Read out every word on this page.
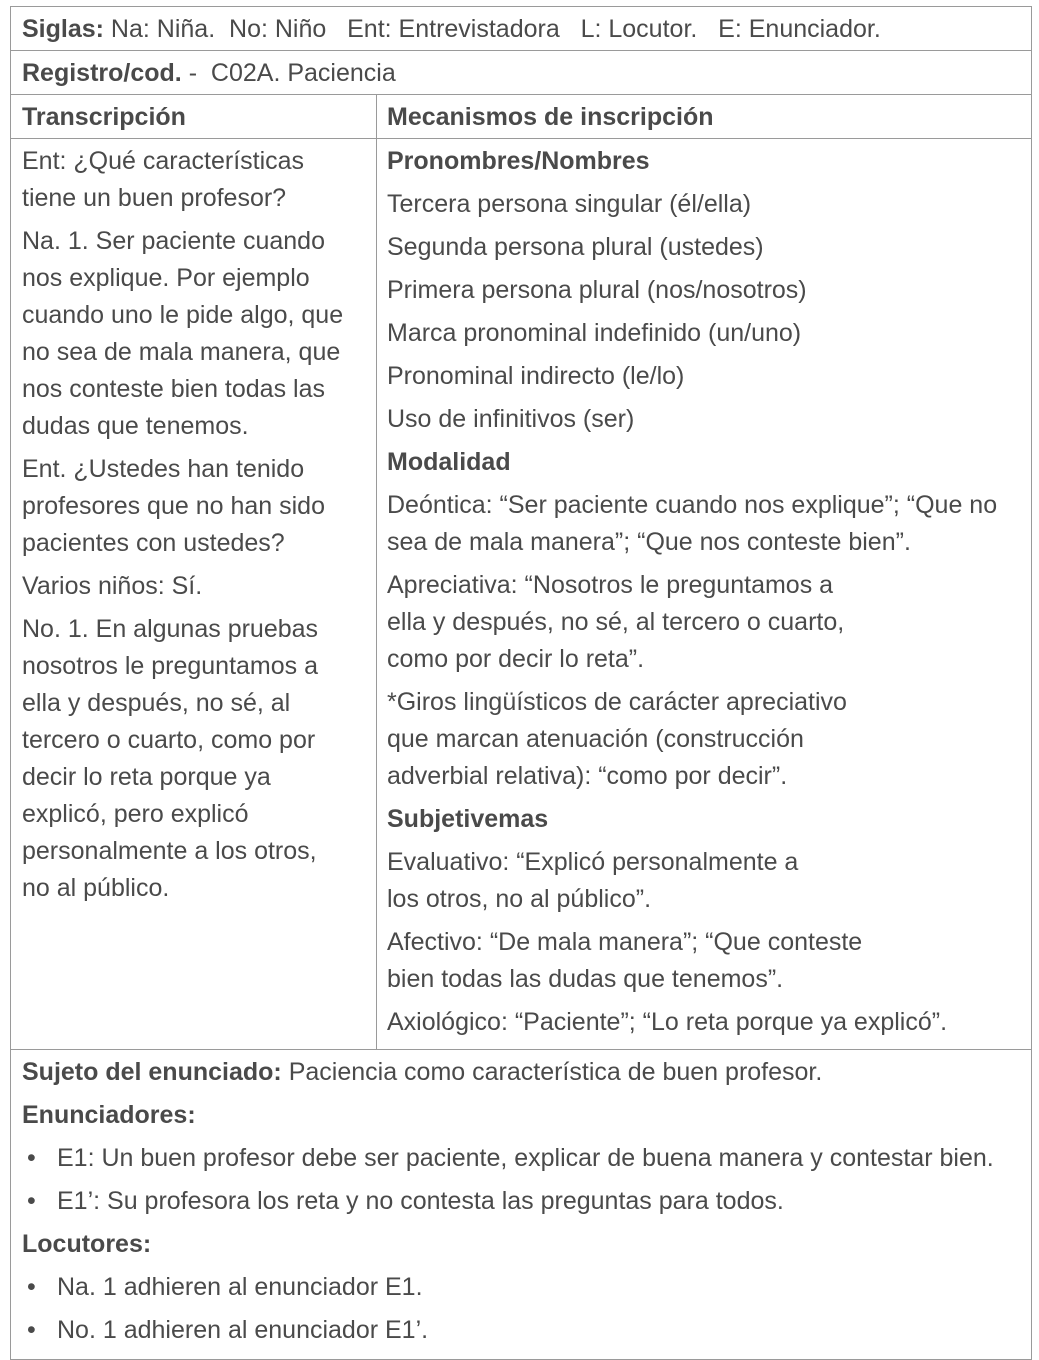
Siglas: Na: Niña.  No: Niño   Ent: Entrevistadora   L: Locutor.   E: Enunciador.
Registro/cod. -  C02A. Paciencia
Transcripción	Mecanismos de inscripción

Ent: ¿Qué características tiene un buen profesor?

Na. 1. Ser paciente cuando nos explique. Por ejemplo cuando uno le pide algo, que no sea de mala manera, que nos conteste bien todas las dudas que tenemos.

Ent. ¿Ustedes han tenido profesores que no han sido pacientes con ustedes?

Varios niños: Sí.

No. 1. En algunas pruebas nosotros le preguntamos a ella y después, no sé, al tercero o cuarto, como por decir lo reta porque ya explicó, pero explicó personalmente a los otros, no al público.

Pronombres/Nombres

Tercera persona singular (él/ella)

Segunda persona plural (ustedes)

Primera persona plural (nos/nosotros)

Marca pronominal indefinido (un/uno)

Pronominal indirecto (le/lo)

Uso de infinitivos (ser)

Modalidad

Deóntica: “Ser paciente cuando nos explique”; “Que no sea de mala manera”; “Que nos conteste bien”.

Apreciativa: “Nosotros le preguntamos a ella y después, no sé, al tercero o cuarto, como por decir lo reta”.

*Giros lingüísticos de carácter apreciativo que marcan atenuación (construcción adverbial relativa): “como por decir”.

Subjetivemas

Evaluativo: “Explicó personalmente a los otros, no al público”.

Afectivo: “De mala manera”; “Que conteste bien todas las dudas que tenemos”.

Axiológico: “Paciente”; “Lo reta porque ya explicó”.

Sujeto del enunciado: Paciencia como característica de buen profesor.

Enunciadores:

• E1: Un buen profesor debe ser paciente, explicar de buena manera y contestar bien.
• E1’: Su profesora los reta y no contesta las preguntas para todos.

Locutores:

• Na. 1 adhieren al enunciador E1.
• No. 1 adhieren al enunciador E1’.
